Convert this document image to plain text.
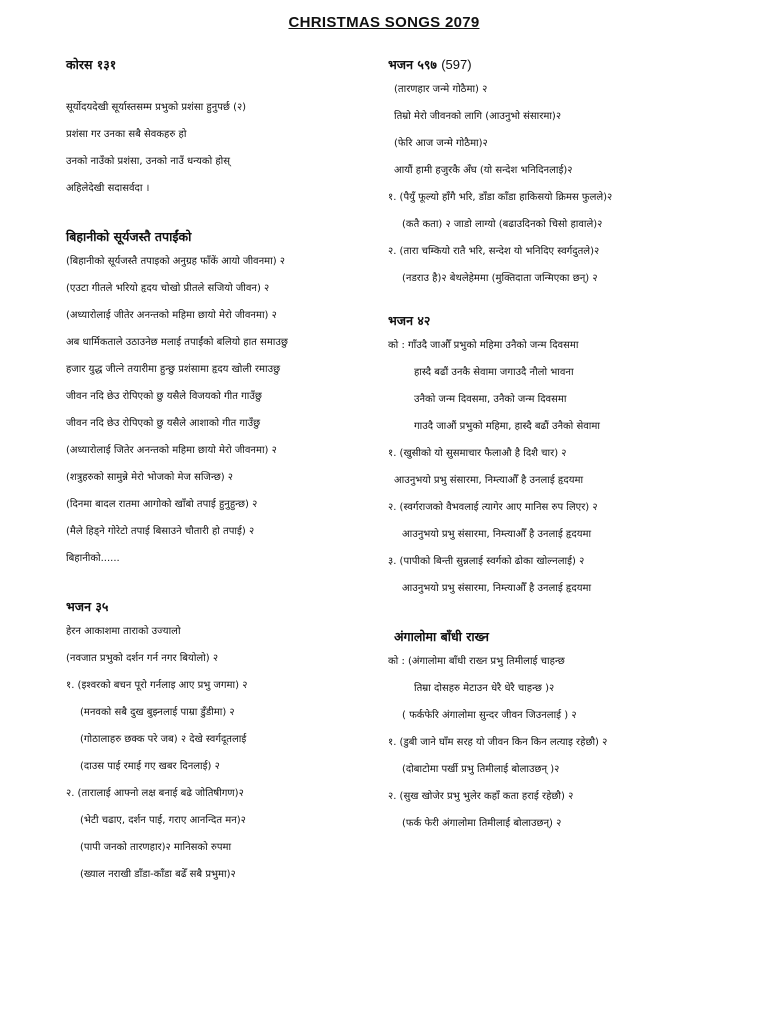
CHRISTMAS SONGS 2079
कोरस १३१
सूर्योदयदेखी सूर्यास्तसम्म प्रभुको प्रशंसा हुनुपर्छ (२)
प्रशंसा गर उनका सबै सेवकहरु हो
उनको नाउँको प्रशंसा, उनको नाउँ धन्यको होस्
अहिलेदेखी सदासर्वदा ।
बिहानीको सूर्यजस्तै तपाईंको
(बिहानीको सूर्यजस्तै तपाइको अनुग्रह फाँकें आयो जीवनमा) २
(एउटा गीतले भरियो हृदय चोखो प्रीतले सजियो जीवन) २
(अध्यारोलाई जीतेर अनन्तको महिमा छायो मेरो जीवनमा) २
अब धार्मिकताले उठाउनेछ मलाई तपाईंको बलियो हात समाउछु
हजार युद्ध जीत्ने तयारीमा हुन्छु प्रशंसामा हृदय खोली रमाउछु
जीवन नदि छेउ रोपिएको छु यसैले विजयको गीत गाउँछु
जीवन नदि छेउ रोपिएको छु यसैले आशाको गीत गाउँछु
(अध्यारोलाई जितेर अनन्तको महिमा छायो मेरो जीवनमा) २
(शत्रुहरुको सामुन्ने मेरो भोजको मेज सजिन्छ) २
(दिनमा बादल रातमा आगोको खाँबो तपाई हुनुहुन्छ) २
(मैले हिड्ने गोरेटो तपाई बिसाउने चौतारी हो तपाई) २
बिहानीको......
भजन ३५
हेरन आकाशमा ताराको उज्यालो
(नवजात प्रभुको दर्शन गर्न नगर बियोलो) २
१. (इश्वरको बचन पूरो गर्नलाइ आए प्रभु जगमा) २
(मनवको सबै दुख बुझ्नलाई पाम्रा डुँडीमा) २
(गोठालाहरु छक्क परे जब) २ देखे स्वर्गदूतलाई
(दाउस पाई रमाई गए खबर दिनलाई) २
२. (तारालाई आफ्नो लक्ष बनाई बढे जोतिषीगण)२
(भेटी चढाए, दर्शन पाई, गराए आनन्दित मन)२
(पापी जनको तारणहार)२ मानिसको रुपमा
(ख्याल नराखी डाँडा-काँडा बढेँ सबै प्रभुमा)२
भजन ५९७ (597)
(तारणहार जन्मे गोठैमा) २
तिम्रो मेरो जीवनको लागि (आउनुभो संसारमा)२
(फेरि आज जन्मे गोठैमा)२
आयौं हामी हजुरकै अँघ (यो सन्देश भनिदिनलाई)२
१. (पैयुँ फूल्यो हाँगै भरि, डाँडा काँडा हाकिसयो क्रिमस फुलले)२
(कतै कता) २ जाडो लाग्यो (बढाउदिनको चिसो हावाले)२
२. (तारा चम्कियो रातै भरि, सन्देश यो भनिदिए स्वर्गदुतले)२
(नडराउ है)२ बेथलेहेममा (मुक्तिदाता जन्मिएका छन्) २
भजन ४२
को : गाँउदै जाऔँ प्रभुको महिमा उनैको जन्म दिवसमा
हास्दै बढौं उनकै सेवामा जगाउदै नौलो भावना
उनैको जन्म दिवसमा, उनैको जन्म दिवसमा
गाउदै जाऔं प्रभुको महिमा, हास्दै बढौं उनैको सेवामा
१. (खुसीको यो सुसमाचार फैलाऔ है दिशै चार) २
आउनुभयो प्रभु संसारमा, निम्त्याऔँ है उनलाई हृदयमा
२. (स्वर्गराजको वैभवलाई त्यागेर आए मानिस रुप लिएर) २
आउनुभयो प्रभु संसारमा, निम्त्याऔँ है उनलाई हृदयमा
३. (पापीको बिन्ती सुन्नलाई स्वर्गको ढोका खोल्नलाई) २
आउनुभयो प्रभु संसारमा, निम्त्याऔँ है उनलाई हृदयमा
अंगालोमा बाँधी राख्न
को : (अंगालोमा बाँधी राख्न प्रभु तिमीलाई चाहन्छ
तिम्रा दोसहरु मेटाउन धेरै धेरै चाहन्छ )२
( फर्कफेरि अंगालोमा सुन्दर जीवन जिउनलाई ) २
१. (डुबी जाने घाँम सरह यो जीवन किन किन लत्याइ रहेछौ) २
(दोबाटोमा पर्खी प्रभु तिमीलाई बोलाउछन् )२
२. (सुख खोजेर प्रभु भुलेर कहाँ कता हराई रहेछौ) २
(फर्क फेरी अंगालोमा तिमीलाई बोलाउछन्) २
